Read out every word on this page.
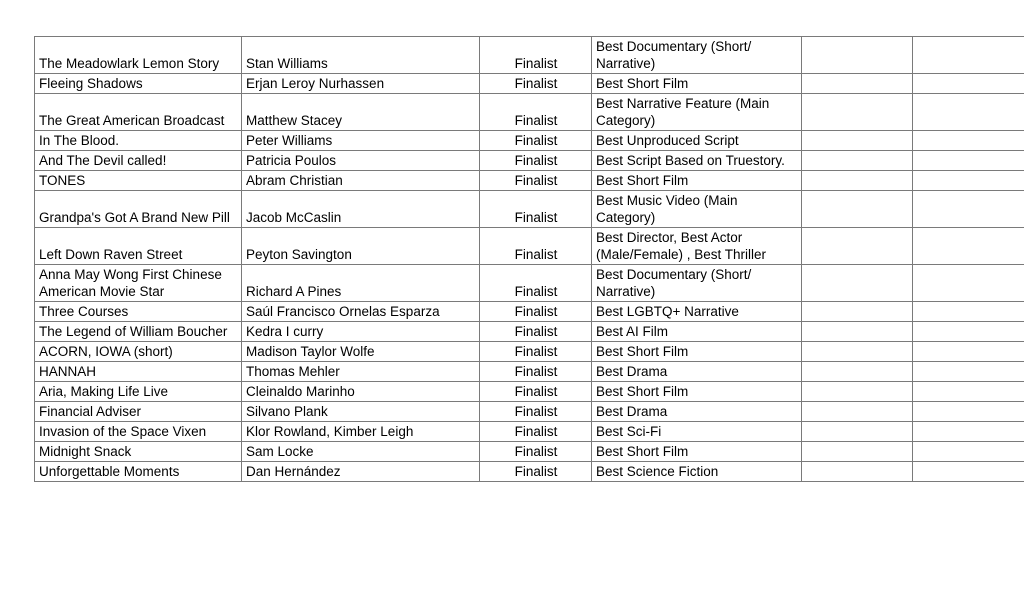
The Meadowlark Lemon Story	Stan Williams	Finalist	Best Documentary (Short/ Narrative)		
Fleeing Shadows	Erjan Leroy Nurhassen	Finalist	Best Short Film		
The Great American Broadcast	Matthew Stacey	Finalist	Best Narrative Feature (Main Category)		
In The Blood.	Peter Williams	Finalist	Best Unproduced Script		
And The Devil called!	Patricia Poulos	Finalist	Best Script Based on Truestory.		
TONES	Abram Christian	Finalist	Best Short Film		
Grandpa's Got A Brand New Pill	Jacob McCaslin	Finalist	Best Music Video (Main Category)		
Left Down Raven Street	Peyton Savington	Finalist	Best Director, Best Actor (Male/Female) , Best Thriller		
Anna May Wong First Chinese American Movie Star	Richard A Pines	Finalist	Best Documentary (Short/ Narrative)		
Three Courses	Saúl Francisco Ornelas Esparza	Finalist	Best LGBTQ+ Narrative		
The Legend of William Boucher	Kedra I curry	Finalist	Best AI Film		
ACORN, IOWA (short)	Madison Taylor Wolfe	Finalist	Best Short Film		
HANNAH	Thomas Mehler	Finalist	Best Drama		
Aria, Making Life Live	Cleinaldo Marinho	Finalist	Best Short Film		
Financial Adviser	Silvano Plank	Finalist	Best Drama		
Invasion of the Space Vixen	Klor Rowland, Kimber Leigh	Finalist	Best Sci-Fi		
Midnight Snack	Sam Locke	Finalist	Best Short Film		
Unforgettable Moments	Dan Hernández	Finalist	Best Science Fiction		
